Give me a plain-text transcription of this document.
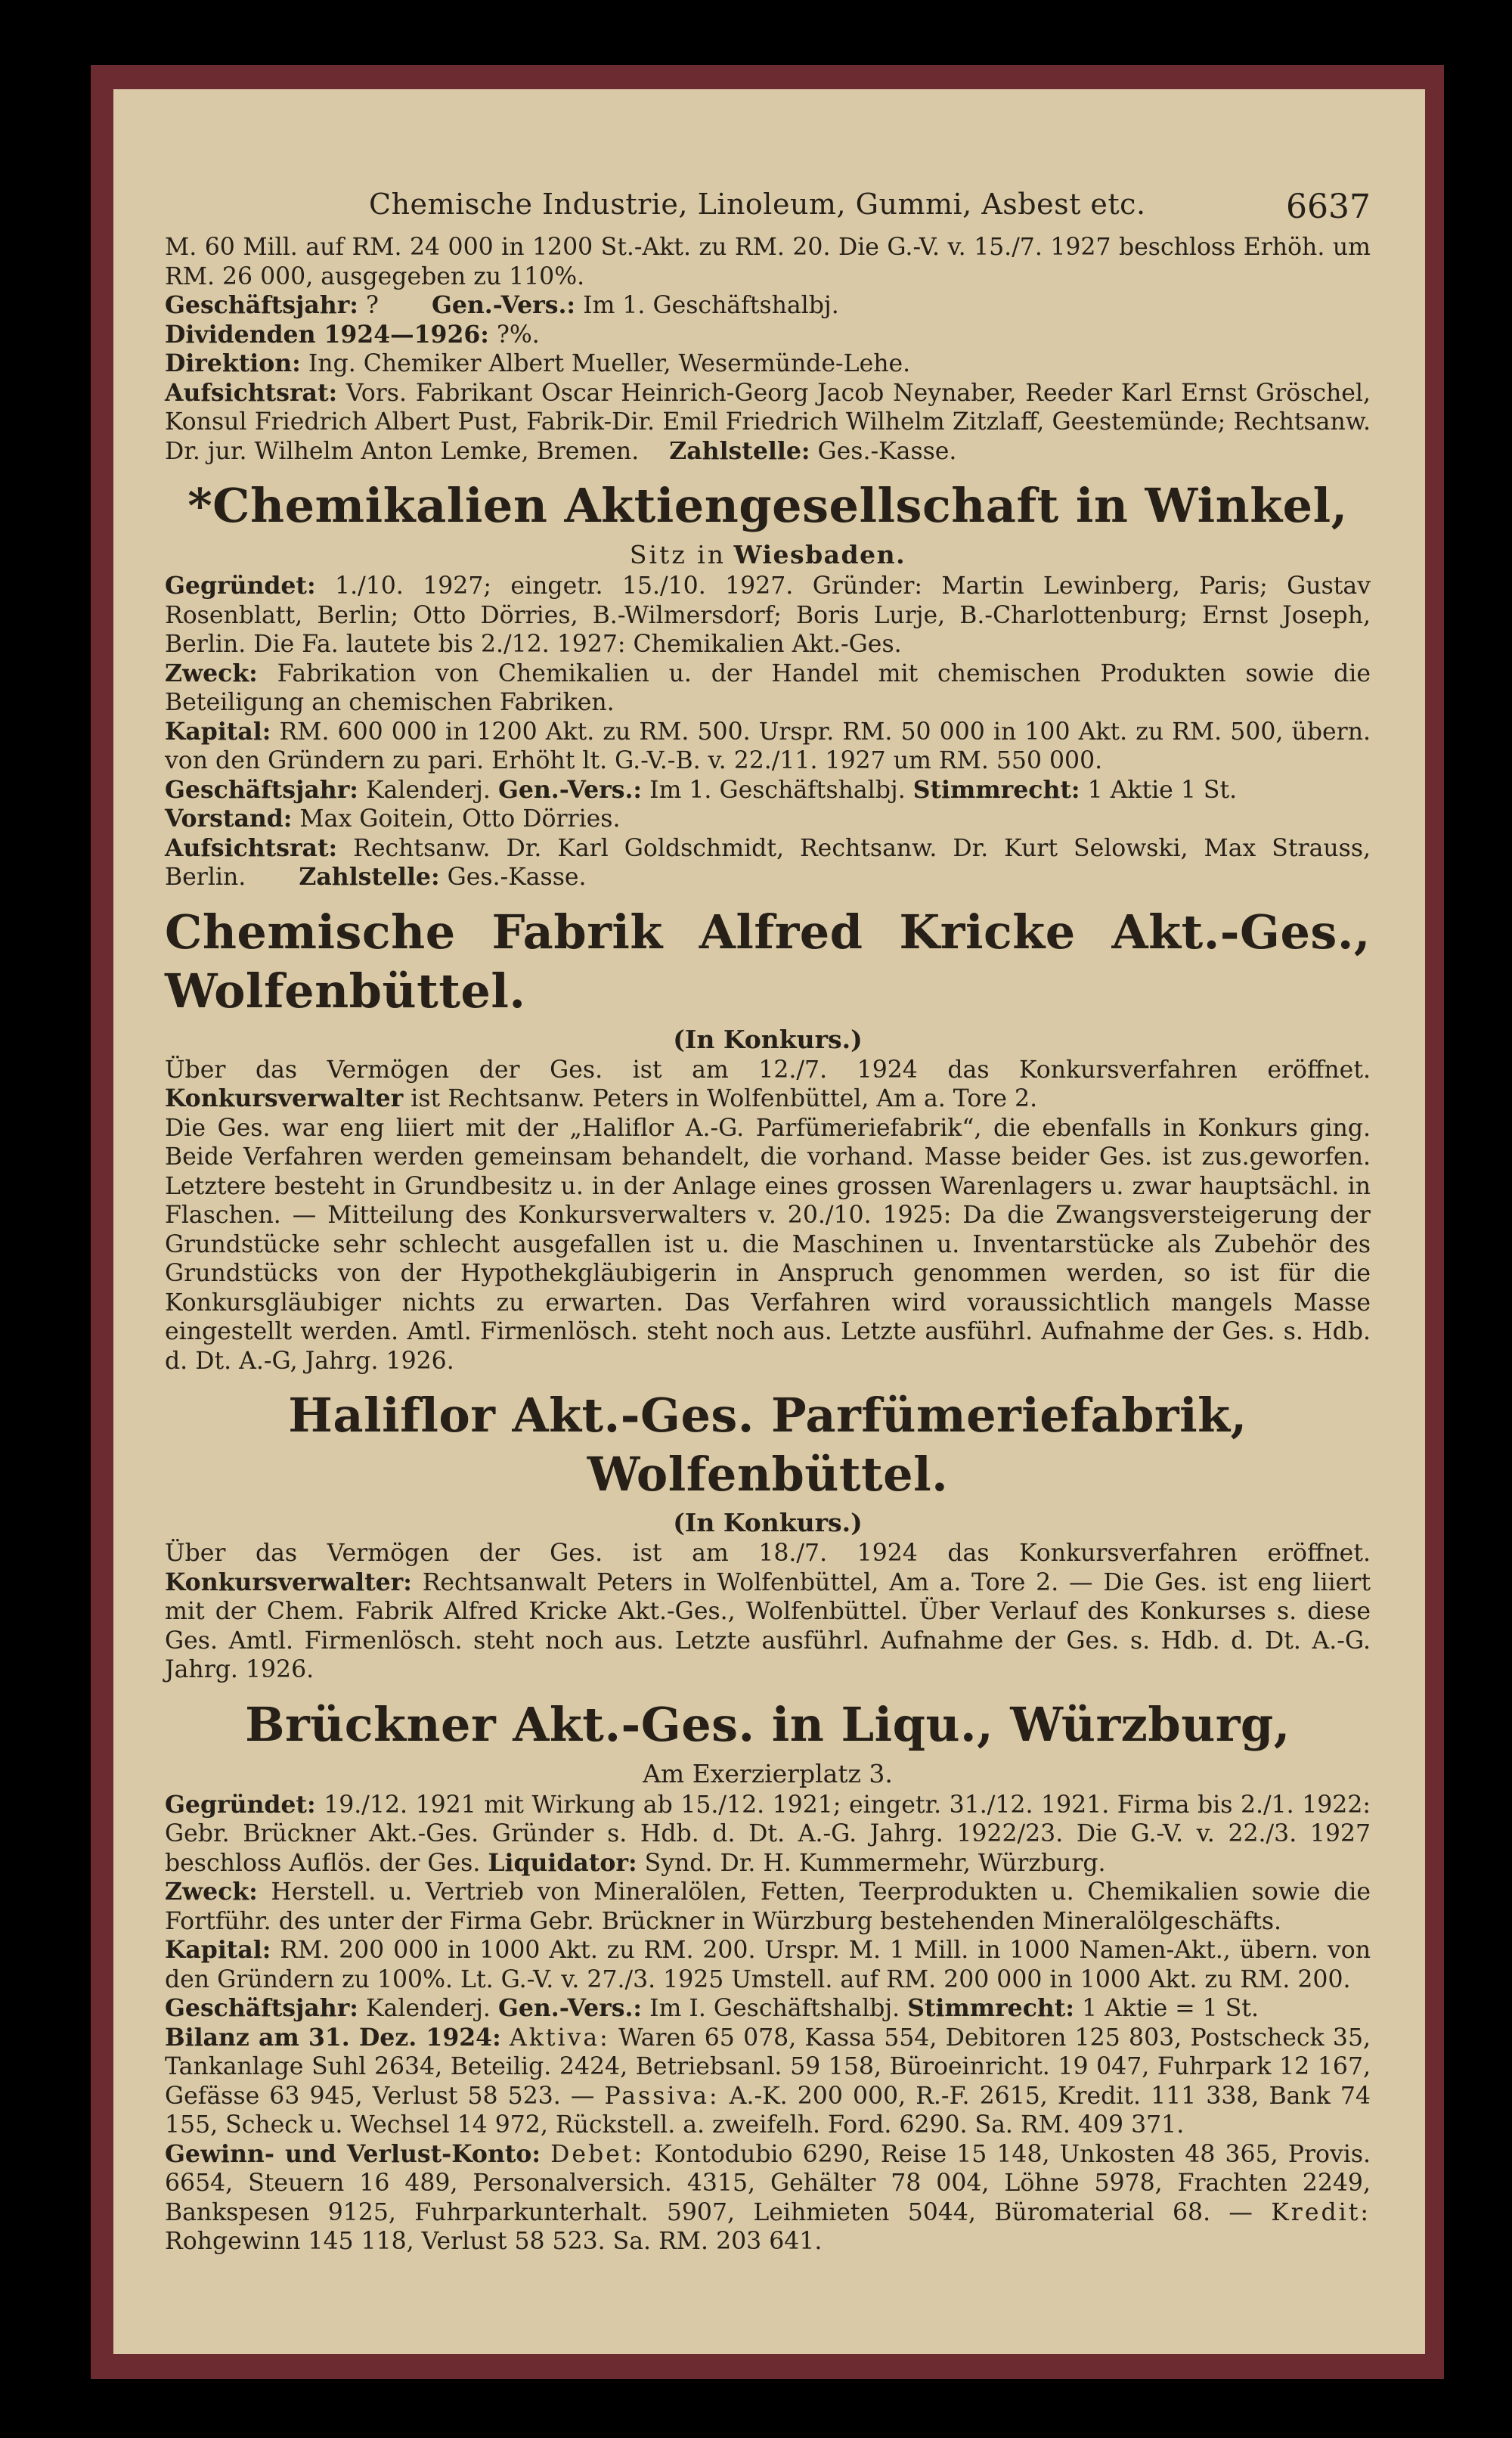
Chemische Industrie, Linoleum, Gummi, Asbest etc.	6637

M. 60 Mill. auf RM. 24 000 in 1200 St.-Akt. zu RM. 20. Die G.-V. v. 15./7. 1927 beschloss Erhöh. um RM. 26 000, ausgegeben zu 110%.

Geschäftsjahr: ? Gen.-Vers.: Im 1. Geschäftshalbj.

Dividenden 1924—1926: ?%.

Direktion: Ing. Chemiker Albert Mueller, Wesermünde-Lehe.

Aufsichtsrat: Vors. Fabrikant Oscar Heinrich-Georg Jacob Neynaber, Reeder Karl Ernst Gröschel, Konsul Friedrich Albert Pust, Fabrik-Dir. Emil Friedrich Wilhelm Zitzlaff, Geestemünde; Rechtsanw. Dr. jur. Wilhelm Anton Lemke, Bremen. Zahlstelle: Ges.-Kasse.

*Chemikalien Aktiengesellschaft in Winkel,
Sitz in Wiesbaden.

Gegründet: 1./10. 1927; eingetr. 15./10. 1927. Gründer: Martin Lewinberg, Paris; Gustav Rosenblatt, Berlin; Otto Dörries, B.-Wilmersdorf; Boris Lurje, B.-Charlottenburg; Ernst Joseph, Berlin. Die Fa. lautete bis 2./12. 1927: Chemikalien Akt.-Ges.

Zweck: Fabrikation von Chemikalien u. der Handel mit chemischen Produkten sowie die Beteiligung an chemischen Fabriken.

Kapital: RM. 600 000 in 1200 Akt. zu RM. 500. Urspr. RM. 50 000 in 100 Akt. zu RM. 500, übern. von den Gründern zu pari. Erhöht lt. G.-V.-B. v. 22./11. 1927 um RM. 550 000.

Geschäftsjahr: Kalenderj. Gen.-Vers.: Im 1. Geschäftshalbj. Stimmrecht: 1 Aktie 1 St.

Vorstand: Max Goitein, Otto Dörries.

Aufsichtsrat: Rechtsanw. Dr. Karl Goldschmidt, Rechtsanw. Dr. Kurt Selowski, Max Strauss, Berlin. Zahlstelle: Ges.-Kasse.

Chemische Fabrik Alfred Kricke Akt.-Ges., Wolfenbüttel.
(In Konkurs.)

Über das Vermögen der Ges. ist am 12./7. 1924 das Konkursverfahren eröffnet. Konkursverwalter ist Rechtsanw. Peters in Wolfenbüttel, Am a. Tore 2.

Die Ges. war eng liiert mit der „Haliflor A.-G. Parfümeriefabrik“, die ebenfalls in Konkurs ging. Beide Verfahren werden gemeinsam behandelt, die vorhand. Masse beider Ges. ist zus.geworfen. Letztere besteht in Grundbesitz u. in der Anlage eines grossen Warenlagers u. zwar hauptsächl. in Flaschen. — Mitteilung des Konkursverwalters v. 20./10. 1925: Da die Zwangsversteigerung der Grundstücke sehr schlecht ausgefallen ist u. die Maschinen u. Inventarstücke als Zubehör des Grundstücks von der Hypothekgläubigerin in Anspruch genommen werden, so ist für die Konkursgläubiger nichts zu erwarten. Das Verfahren wird voraussichtlich mangels Masse eingestellt werden. Amtl. Firmenlösch. steht noch aus. Letzte ausführl. Aufnahme der Ges. s. Hdb. d. Dt. A.-G, Jahrg. 1926.

Haliflor Akt.-Ges. Parfümeriefabrik, Wolfenbüttel.
(In Konkurs.)

Über das Vermögen der Ges. ist am 18./7. 1924 das Konkursverfahren eröffnet. Konkursverwalter: Rechtsanwalt Peters in Wolfenbüttel, Am a. Tore 2. — Die Ges. ist eng liiert mit der Chem. Fabrik Alfred Kricke Akt.-Ges., Wolfenbüttel. Über Verlauf des Konkurses s. diese Ges. Amtl. Firmenlösch. steht noch aus. Letzte ausführl. Aufnahme der Ges. s. Hdb. d. Dt. A.-G. Jahrg. 1926.

Brückner Akt.-Ges. in Liqu., Würzburg,
Am Exerzierplatz 3.

Gegründet: 19./12. 1921 mit Wirkung ab 15./12. 1921; eingetr. 31./12. 1921. Firma bis 2./1. 1922: Gebr. Brückner Akt.-Ges. Gründer s. Hdb. d. Dt. A.-G. Jahrg. 1922/23. Die G.-V. v. 22./3. 1927 beschloss Auflös. der Ges. Liquidator: Synd. Dr. H. Kummermehr, Würzburg.

Zweck: Herstell. u. Vertrieb von Mineralölen, Fetten, Teerprodukten u. Chemikalien sowie die Fortführ. des unter der Firma Gebr. Brückner in Würzburg bestehenden Mineralölgeschäfts.

Kapital: RM. 200 000 in 1000 Akt. zu RM. 200. Urspr. M. 1 Mill. in 1000 Namen-Akt., übern. von den Gründern zu 100%. Lt. G.-V. v. 27./3. 1925 Umstell. auf RM. 200 000 in 1000 Akt. zu RM. 200.

Geschäftsjahr: Kalenderj. Gen.-Vers.: Im I. Geschäftshalbj. Stimmrecht: 1 Aktie = 1 St.

Bilanz am 31. Dez. 1924: Aktiva: Waren 65 078, Kassa 554, Debitoren 125 803, Postscheck 35, Tankanlage Suhl 2634, Beteilig. 2424, Betriebsanl. 59 158, Büroeinricht. 19 047, Fuhrpark 12 167, Gefässe 63 945, Verlust 58 523. — Passiva: A.-K. 200 000, R.-F. 2615, Kredit. 111 338, Bank 74 155, Scheck u. Wechsel 14 972, Rückstell. a. zweifelh. Ford. 6290. Sa. RM. 409 371.

Gewinn- und Verlust-Konto: Debet: Kontodubio 6290, Reise 15 148, Unkosten 48 365, Provis. 6654, Steuern 16 489, Personalversich. 4315, Gehälter 78 004, Löhne 5978, Frachten 2249, Bankspesen 9125, Fuhrparkunterhalt. 5907, Leihmieten 5044, Büromaterial 68. — Kredit: Rohgewinn 145 118, Verlust 58 523. Sa. RM. 203 641.
